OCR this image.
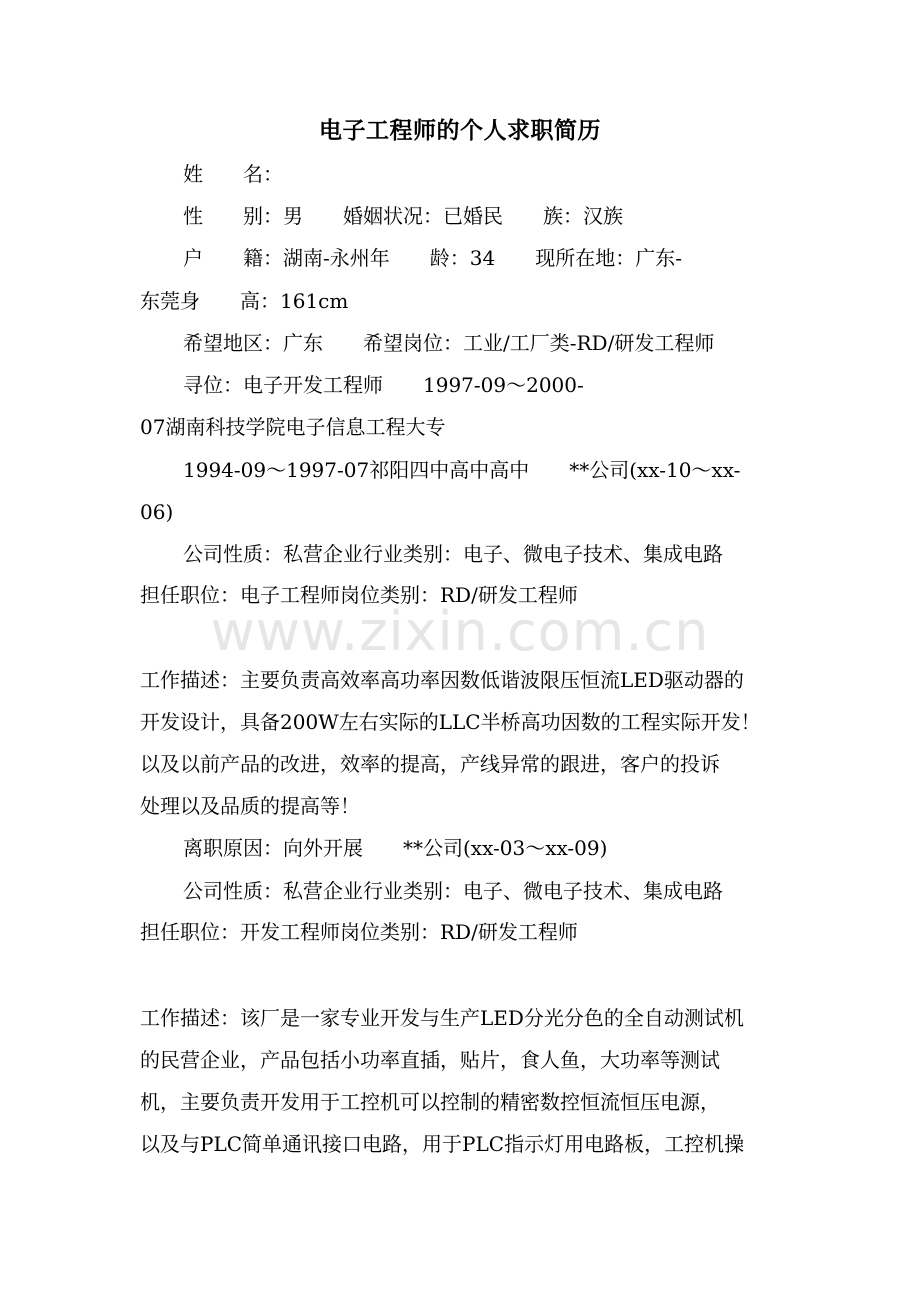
www.zixin.com.cn
电子工程师的个人求职简历
姓　　名：
性　　别：男　　婚姻状况：已婚民　　族：汉族
户　　籍：湖南-永州年　　龄：34　　现所在地：广东-
东莞身　　高：161cm
希望地区：广东　　希望岗位：工业/工厂类-RD/研发工程师
寻位：电子开发工程师　　1997-09～2000-
07湖南科技学院电子信息工程大专
1994-09～1997-07祁阳四中高中高中　　**公司(xx-10～xx-
06)
公司性质：私营企业行业类别：电子、微电子技术、集成电路
担任职位：电子工程师岗位类别：RD/研发工程师
工作描述：主要负责高效率高功率因数低谐波限压恒流LED驱动器的
开发设计，具备200W左右实际的LLC半桥高功因数的工程实际开发！
以及以前产品的改进，效率的提高，产线异常的跟进，客户的投诉
处理以及品质的提高等！
离职原因：向外开展　　**公司(xx-03～xx-09)
公司性质：私营企业行业类别：电子、微电子技术、集成电路
担任职位：开发工程师岗位类别：RD/研发工程师
工作描述：该厂是一家专业开发与生产LED分光分色的全自动测试机
的民营企业，产品包括小功率直插，贴片，食人鱼，大功率等测试
机，主要负责开发用于工控机可以控制的精密数控恒流恒压电源，
以及与PLC简单通讯接口电路，用于PLC指示灯用电路板，工控机操
